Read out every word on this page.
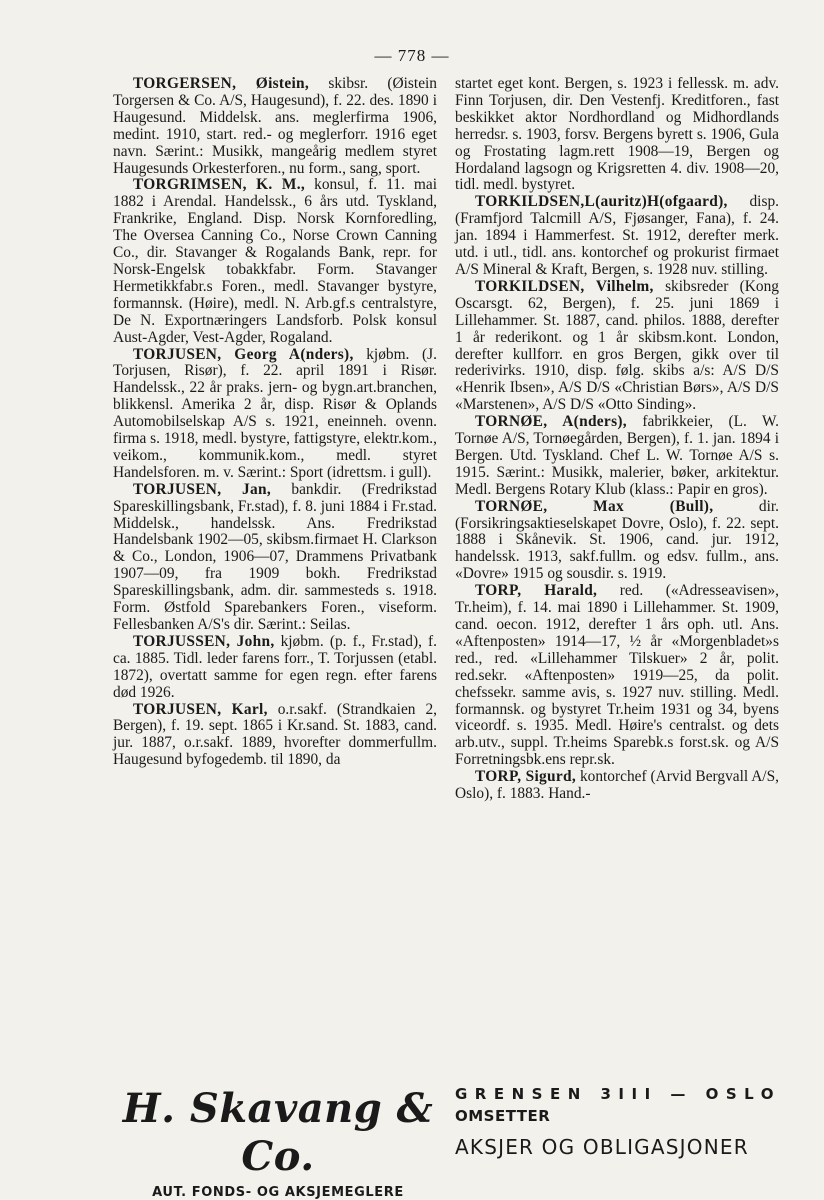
— 778 —

TORGERSEN, Øistein, skibsr. (Øistein Torgersen & Co. A/S, Haugesund), f. 22. des. 1890 i Haugesund. Middelsk. ans. meglerfirma 1906, medint. 1910, start. red.- og meglerforr. 1916 eget navn. Særint.: Musikk, mangeårig medlem styret Haugesunds Orkesterforen., nu form., sang, sport.

TORGRIMSEN, K. M., konsul, f. 11. mai 1882 i Arendal. Handelssk., 6 års utd. Tyskland, Frankrike, England. Disp. Norsk Kornforedling, The Oversea Canning Co., Norse Crown Canning Co., dir. Stavanger & Rogalands Bank, repr. for Norsk-Engelsk tobakkfabr. Form. Stavanger Hermetikkfabr.s Foren., medl. Stavanger bystyre, formannsk. (Høire), medl. N. Arb.gf.s centralstyre, De N. Exportnæringers Landsforb. Polsk konsul Aust-Agder, Vest-Agder, Rogaland.

TORJUSEN, Georg A(nders), kjøbm. (J. Torjusen, Risør), f. 22. april 1891 i Risør. Handelssk., 22 år praks. jern- og bygn.art.branchen, blikkensl. Amerika 2 år, disp. Risør & Oplands Automobilselskap A/S s. 1921, eneinneh. ovenn. firma s. 1918, medl. bystyre, fattigstyre, elektr.kom., veikom., kommunik.kom., medl. styret Handelsforen. m. v. Særint.: Sport (idrettsm. i gull).

TORJUSEN, Jan, bankdir. (Fredrikstad Spareskillingsbank, Fr.stad), f. 8. juni 1884 i Fr.stad. Middelsk., handelssk. Ans. Fredrikstad Handelsbank 1902—05, skibsm.firmaet H. Clarkson & Co., London, 1906—07, Drammens Privatbank 1907—09, fra 1909 bokh. Fredrikstad Spareskillingsbank, adm. dir. sammesteds s. 1918. Form. Østfold Sparebankers Foren., viseform. Fellesbanken A/S's dir. Særint.: Seilas.

TORJUSSEN, John, kjøbm. (p. f., Fr.stad), f. ca. 1885. Tidl. leder farens forr., T. Torjussen (etabl. 1872), overtatt samme for egen regn. efter farens død 1926.

TORJUSEN, Karl, o.r.sakf. (Strandkaien 2, Bergen), f. 19. sept. 1865 i Kr.sand. St. 1883, cand. jur. 1887, o.r.sakf. 1889, hvorefter dommerfullm. Haugesund byfogedemb. til 1890, da

startet eget kont. Bergen, s. 1923 i fellessk. m. adv. Finn Torjusen, dir. Den Vestenfj. Kreditforen., fast beskikket aktor Nordhordland og Midhordlands herredsr. s. 1903, forsv. Bergens byrett s. 1906, Gula og Frostating lagm.rett 1908—19, Bergen og Hordaland lagsogn og Krigsretten 4. div. 1908—20, tidl. medl. bystyret.

TORKILDSEN,L(auritz)H(ofgaard), disp. (Framfjord Talcmill A/S, Fjøsanger, Fana), f. 24. jan. 1894 i Hammerfest. St. 1912, derefter merk. utd. i utl., tidl. ans. kontorchef og prokurist firmaet A/S Mineral & Kraft, Bergen, s. 1928 nuv. stilling.

TORKILDSEN, Vilhelm, skibsreder (Kong Oscarsgt. 62, Bergen), f. 25. juni 1869 i Lillehammer. St. 1887, cand. philos. 1888, derefter 1 år rederikont. og 1 år skibsm.kont. London, derefter kullforr. en gros Bergen, gikk over til rederivirks. 1910, disp. følg. skibs a/s: A/S D/S «Henrik Ibsen», A/S D/S «Christian Børs», A/S D/S «Marstenen», A/S D/S «Otto Sinding».

TORNØE, A(nders), fabrikkeier, (L. W. Tornøe A/S, Tornøegården, Bergen), f. 1. jan. 1894 i Bergen. Utd. Tyskland. Chef L. W. Tornøe A/S s. 1915. Særint.: Musikk, malerier, bøker, arkitektur. Medl. Bergens Rotary Klub (klass.: Papir en gros).

TORNØE, Max (Bull), dir. (Forsikringsaktieselskapet Dovre, Oslo), f. 22. sept. 1888 i Skånevik. St. 1906, cand. jur. 1912, handelssk. 1913, sakf.fullm. og edsv. fullm., ans. «Dovre» 1915 og sousdir. s. 1919.

TORP, Harald, red. («Adresseavisen», Tr.heim), f. 14. mai 1890 i Lillehammer. St. 1909, cand. oecon. 1912, derefter 1 års oph. utl. Ans. «Aftenposten» 1914—17, ½ år «Morgenbladet»s red., red. «Lillehammer Tilskuer» 2 år, polit. red.sekr. «Aftenposten» 1919—25, da polit. chefssekr. samme avis, s. 1927 nuv. stilling. Medl. formannsk. og bystyret Tr.heim 1931 og 34, byens viceordf. s. 1935. Medl. Høire's centralst. og dets arb.utv., suppl. Tr.heims Sparebk.s forst.sk. og A/S Forretningsbk.ens repr.sk.

TORP, Sigurd, kontorchef (Arvid Bergvall A/S, Oslo), f. 1883. Hand.-

H. Skavang & Co.
AUT. FONDS- OG AKSJEMEGLERE
GRENSEN 3III — OSLO
OMSETTER
AKSJER OG OBLIGASJONER
